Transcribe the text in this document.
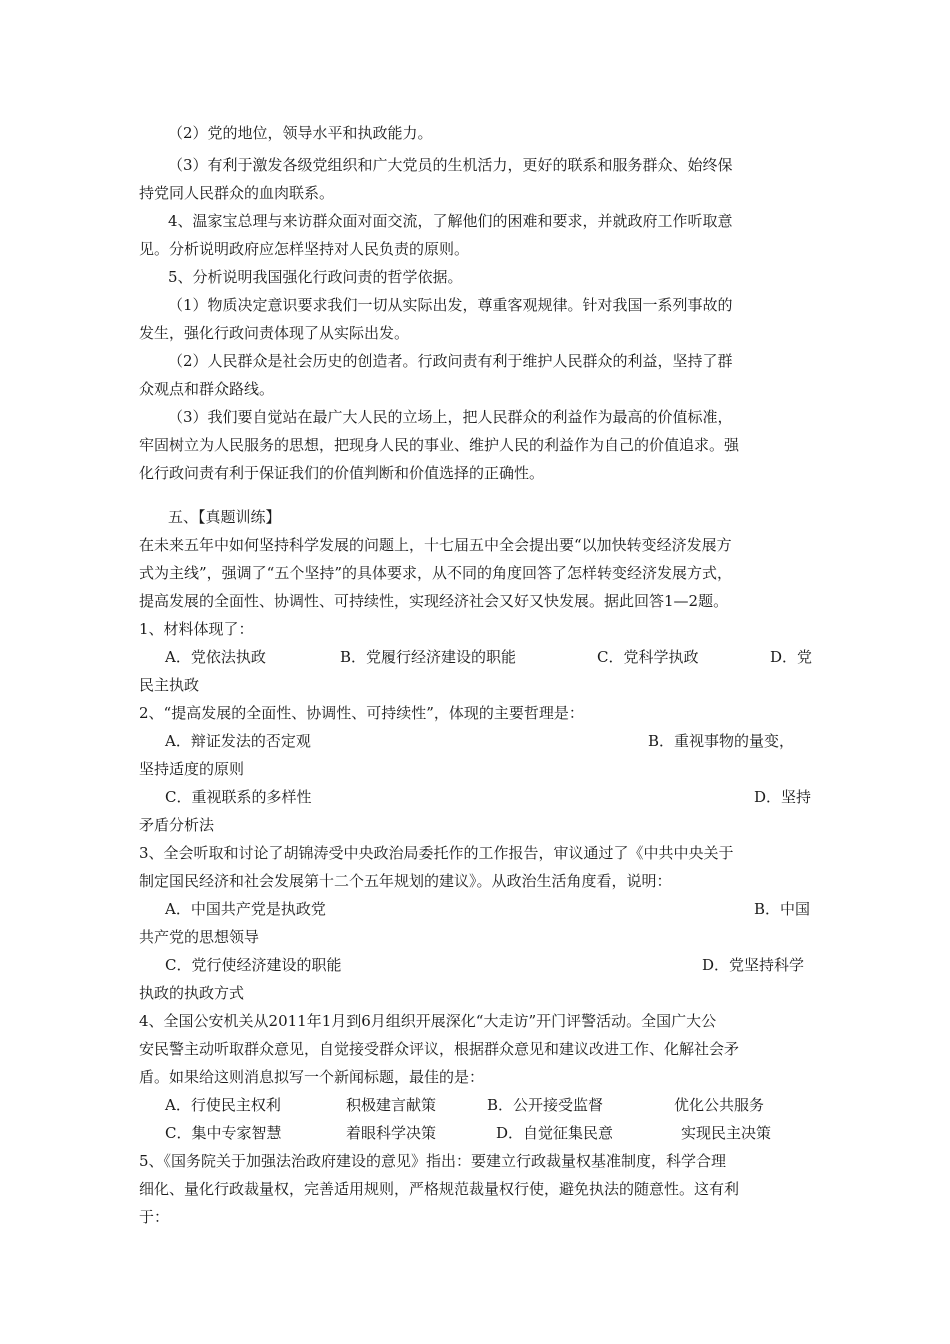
（2）党的地位，领导水平和执政能力。
（3）有利于激发各级党组织和广大党员的生机活力，更好的联系和服务群众、始终保
持党同人民群众的血肉联系。
4、温家宝总理与来访群众面对面交流，了解他们的困难和要求，并就政府工作听取意
见。分析说明政府应怎样坚持对人民负责的原则。
5、分析说明我国强化行政问责的哲学依据。
（1）物质决定意识要求我们一切从实际出发，尊重客观规律。针对我国一系列事故的
发生，强化行政问责体现了从实际出发。
（2）人民群众是社会历史的创造者。行政问责有利于维护人民群众的利益，坚持了群
众观点和群众路线。
（3）我们要自觉站在最广大人民的立场上，把人民群众的利益作为最高的价值标准，
牢固树立为人民服务的思想，把现身人民的事业、维护人民的利益作为自己的价值追求。强
化行政问责有利于保证我们的价值判断和价值选择的正确性。
五、【真题训练】
在未来五年中如何坚持科学发展的问题上，十七届五中全会提出要“以加快转变经济发展方
式为主线”，强调了“五个坚持”的具体要求，从不同的角度回答了怎样转变经济发展方式，
提高发展的全面性、协调性、可持续性，实现经济社会又好又快发展。据此回答1—2题。
1、材料体现了：
A．党依法执政	B．党履行经济建设的职能	C．党科学执政	D．党
民主执政
2、“提高发展的全面性、协调性、可持续性”，体现的主要哲理是：
A．辩证发法的否定观	B．重视事物的量变，
坚持适度的原则
C．重视联系的多样性	D．坚持
矛盾分析法
3、全会听取和讨论了胡锦涛受中央政治局委托作的工作报告，审议通过了《中共中央关于
制定国民经济和社会发展第十二个五年规划的建议》。从政治生活角度看，说明：
A．中国共产党是执政党	B．中国
共产党的思想领导
C．党行使经济建设的职能	D．党坚持科学
执政的执政方式
4、全国公安机关从2011年1月到6月组织开展深化“大走访”开门评警活动。全国广大公
安民警主动听取群众意见，自觉接受群众评议，根据群众意见和建议改进工作、化解社会矛
盾。如果给这则消息拟写一个新闻标题，最佳的是：
A．行使民主权利	积极建言献策	B．公开接受监督	优化公共服务
C．集中专家智慧	着眼科学决策	D．自觉征集民意	实现民主决策
5、《国务院关于加强法治政府建设的意见》指出：要建立行政裁量权基准制度，科学合理
细化、量化行政裁量权，完善适用规则，严格规范裁量权行使，避免执法的随意性。这有利
于：
